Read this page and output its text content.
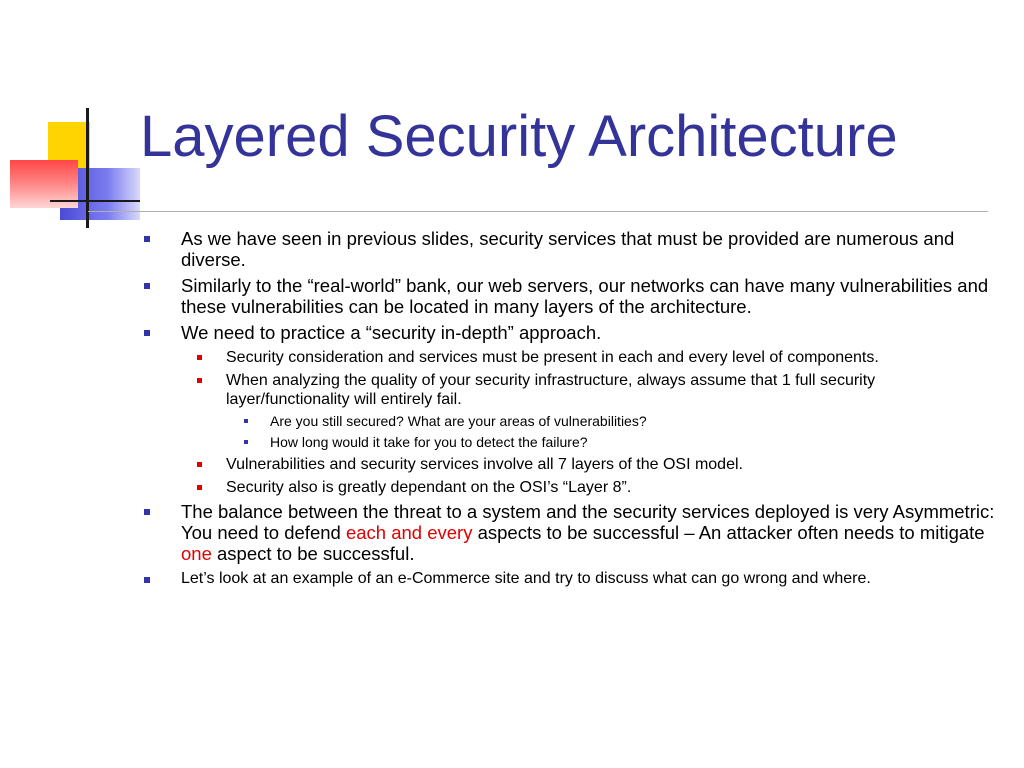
Layered Security Architecture
As we have seen in previous slides, security services that must be provided are numerous and diverse.
Similarly to the “real-world” bank, our web servers, our networks can have many vulnerabilities and these vulnerabilities can be located in many layers of the architecture.
We need to practice a “security in-depth” approach.
Security consideration and services must be present in each and every level of components.
When analyzing the quality of your security infrastructure, always assume that 1 full security layer/functionality will entirely fail.
Are you still secured? What are your areas of vulnerabilities?
How long would it take for you to detect the failure?
Vulnerabilities and security services involve all 7 layers of the OSI model.
Security also is greatly dependant on the OSI’s “Layer 8”.
The balance between the threat to a system and the security services deployed is very Asymmetric: You need to defend each and every aspects to be successful – An attacker often needs to mitigate one aspect to be successful.
Let’s look at an example of an e-Commerce site and try to discuss what can go wrong and where.
